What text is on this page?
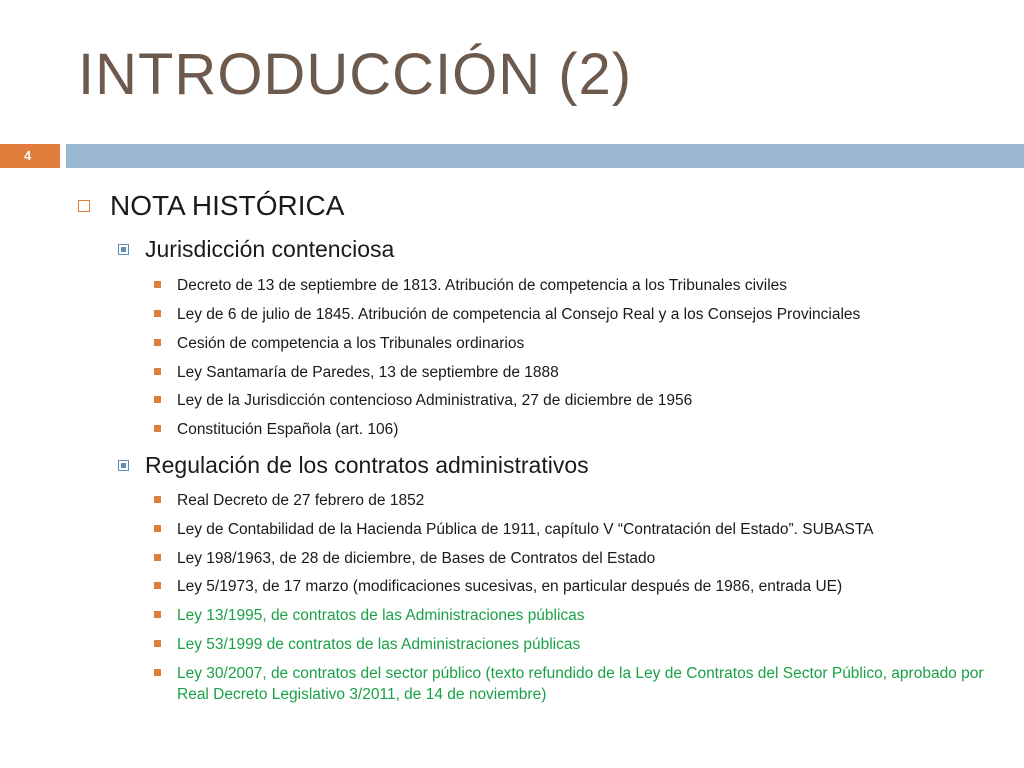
INTRODUCCIÓN (2)
4
NOTA HISTÓRICA
Jurisdicción contenciosa
Decreto de 13 de septiembre de 1813. Atribución de competencia a los Tribunales civiles
Ley de 6 de julio de 1845. Atribución de competencia al Consejo Real y a los Consejos Provinciales
Cesión de competencia a los Tribunales ordinarios
Ley Santamaría de Paredes, 13 de septiembre de 1888
Ley de la Jurisdicción contencioso Administrativa, 27 de diciembre de 1956
Constitución Española (art. 106)
Regulación de los contratos administrativos
Real Decreto de 27 febrero de 1852
Ley de Contabilidad de la Hacienda Pública de 1911, capítulo V “Contratación del Estado”. SUBASTA
Ley 198/1963, de 28 de diciembre, de Bases de Contratos del Estado
Ley 5/1973, de 17 marzo (modificaciones sucesivas, en particular después de 1986, entrada UE)
Ley 13/1995, de contratos de las Administraciones públicas
Ley 53/1999 de contratos de las Administraciones públicas
Ley 30/2007, de contratos del sector público (texto refundido de la Ley de Contratos del Sector Público, aprobado por Real Decreto Legislativo 3/2011, de 14 de noviembre)
